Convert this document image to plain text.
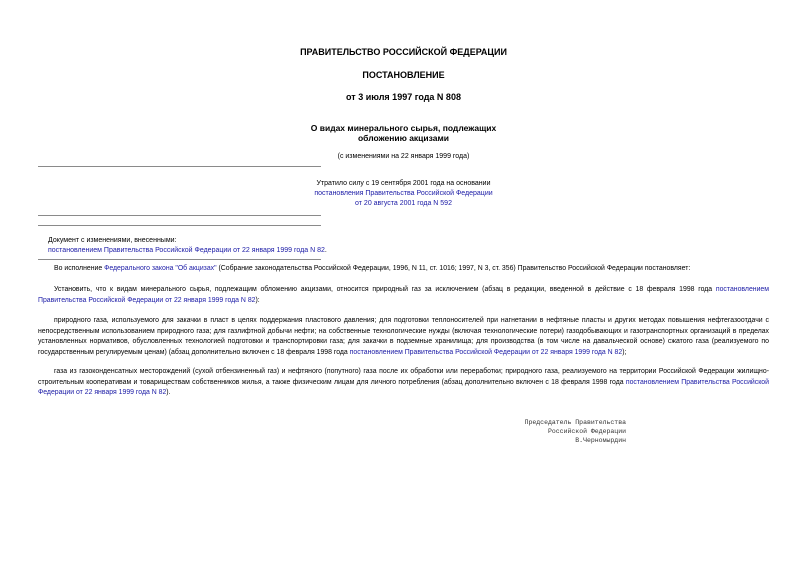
ПРАВИТЕЛЬСТВО РОССИЙСКОЙ ФЕДЕРАЦИИ
ПОСТАНОВЛЕНИЕ
от 3 июля 1997 года N 808
О видах минерального сырья, подлежащих
обложению акцизами
(с изменениями на 22 января 1999 года)
Утратило силу с 19 сентября 2001 года на основании
постановления Правительства Российской Федерации
от 20 августа 2001 года N 592
Документ с изменениями, внесенными:
постановлением Правительства Российской Федерации от 22 января 1999 года N 82.
Во исполнение Федерального закона "Об акцизах" (Собрание законодательства Российской Федерации, 1996, N 11, ст. 1016; 1997, N 3, ст. 356) Правительство Российской Федерации постановляет:
Установить, что к видам минерального сырья, подлежащим обложению акцизами, относится природный газ за исключением (абзац в редакции, введенной в действие с 18 февраля 1998 года постановлением Правительства Российской Федерации от 22 января 1999 года N 82):
природного газа, используемого для закачки в пласт в целях поддержания пластового давления; для подготовки теплоносителей при нагнетании в нефтяные пласты и других методах повышения нефтегазоотдачи с непосредственным использованием природного газа; для газлифтной добычи нефти; на собственные технологические нужды (включая технологические потери) газодобывающих и газотранспортных организаций в пределах установленных нормативов, обусловленных технологией подготовки и транспортировки газа; для закачки в подземные хранилища; для производства (в том числе на давальческой основе) сжатого газа (реализуемого по государственным регулируемым ценам) (абзац дополнительно включен с 18 февраля 1998 года постановлением Правительства Российской Федерации от 22 января 1999 года N 82);
газа из газоконденсатных месторождений (сухой отбензиненный газ) и нефтяного (попутного) газа после их обработки или переработки; природного газа, реализуемого на территории Российской Федерации жилищно-строительным кооперативам и товариществам собственников жилья, а также физическим лицам для личного потребления (абзац дополнительно включен с 18 февраля 1998 года постановлением Правительства Российской Федерации от 22 января 1999 года N 82).
Председатель Правительства
Российской Федерации
В.Черномырдин
